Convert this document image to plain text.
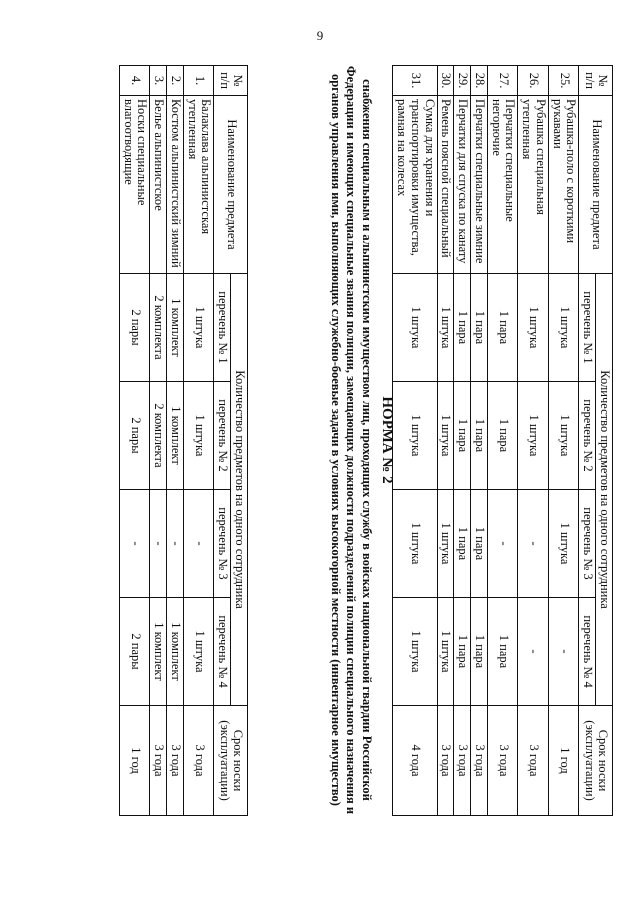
9
№ п/п	Наименование предмета	Количество предметов на одного сотрудника				Срок носки (эксплуатации)
		перечень № 1	перечень № 2	перечень № 3	перечень № 4	
25.	Рубашка-поло с короткими рукавами	1 штука	1 штука	1 штука	-	1 год
26.	Рубашка специальная утепленная	1 штука	1 штука	-	-	3 года
27.	Перчатки специальные негорючие	1 пара	1 пара	-	1 пара	3 года
28.	Перчатки специальные зимние	1 пара	1 пара	1 пара	1 пара	3 года
29.	Перчатки для спуска по канату	1 пара	1 пара	1 пара	1 пара	3 года
30.	Ремень поясной специальный	1 штука	1 штука	1 штука	1 штука	3 года
31.	Сумка для хранения и транспортировки имущества, рамная на колесах	1 штука	1 штука	1 штука	1 штука	4 года
НОРМА № 2
снабжения специальным и альпинистским имуществом лиц, проходящих службу в войсках национальной гвардии Российской Федерации и имеющих специальные звания полиции, замещающих должности подразделений полиции специального назначения и органов управления ими, выполняющих служебно-боевые задачи в условиях высокогорной местности (инвентарное имущество)
№ п/п	Наименование предмета	Количество предметов на одного сотрудника				Срок носки (эксплуатации)
		перечень № 1	перечень № 2	перечень № 3	перечень № 4	
1.	Балаклава альпинистская утепленная	1 штука	1 штука	-	1 штука	3 года
2.	Костюм альпинистский зимний	1 комплект	1 комплект	-	1 комплект	3 года
3.	Белье альпинистское	2 комплекта	2 комплекта	-	1 комплект	3 года
4.	Носки специальные влагоотводящие	2 пары	2 пары	-	2 пары	1 год
